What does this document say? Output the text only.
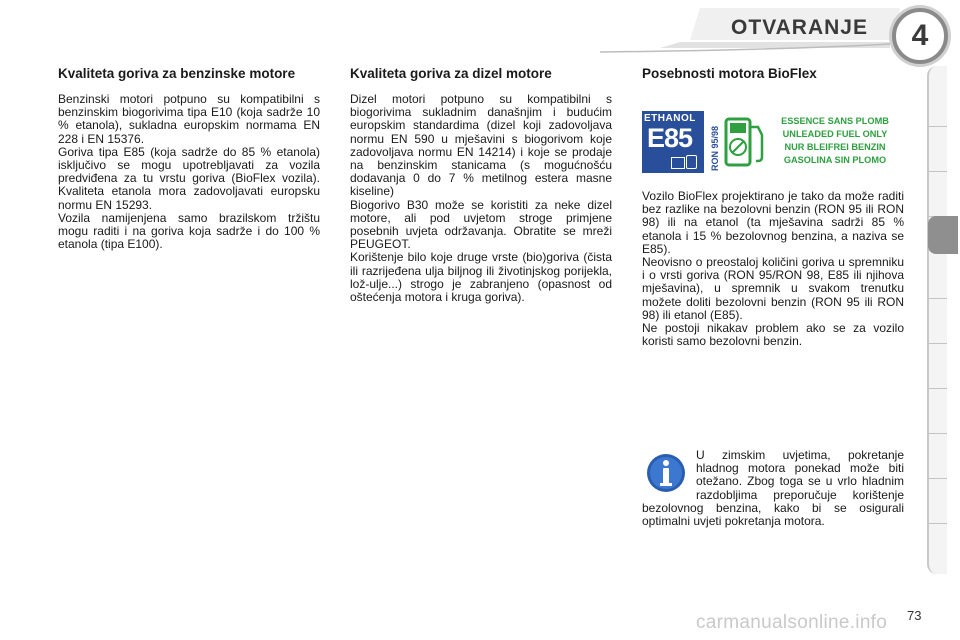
OTVARANJE	4
Kvaliteta goriva za benzinske motore

Benzinski motori potpuno su kompatibilni s benzinskim biogorivima tipa E10 (koja sadrže 10 % etanola), sukladna europskim normama EN 228 i EN 15376.

Goriva tipa E85 (koja sadrže do 85 % etanola) isključivo se mogu upotrebljavati za vozila predviđena za tu vrstu goriva (BioFlex vozila). Kvaliteta etanola mora zadovoljavati europsku normu EN 15293.

Vozila namijenjena samo brazilskom tržištu mogu raditi i na goriva koja sadrže i do 100 % etanola (tipa E100).

Kvaliteta goriva za dizel motore

Dizel motori potpuno su kompatibilni s biogorivima sukladnim današnjim i budućim europskim standardima (dizel koji zadovoljava normu EN 590 u mješavini s biogorivom koje zadovoljava normu EN 14214) i koje se prodaje na benzinskim stanicama (s mogućnošću dodavanja 0 do 7 % metilnog estera masne kiseline)

Biogorivo B30 može se koristiti za neke dizel motore, ali pod uvjetom stroge primjene posebnih uvjeta održavanja. Obratite se mreži PEUGEOT.

Korištenje bilo koje druge vrste (bio)goriva (čista ili razrijeđena ulja biljnog ili životinjskog porijekla, lož-ulje...) strogo je zabranjeno (opasnost od oštećenja motora i kruga goriva).

Posebnosti motora BioFlex
ETHANOL
E85 RON 95/98
ESSENCE SANS PLOMB
UNLEADED FUEL ONLY
NUR BLEIFREI BENZIN
GASOLINA SIN PLOMO

Vozilo BioFlex projektirano je tako da može raditi bez razlike na bezolovni benzin (RON 95 ili RON 98) ili na etanol (ta mješavina sadrži 85 % etanola i 15 % bezolovnog benzina, a naziva se E85).

Neovisno o preostaloj količini goriva u spremniku i o vrsti goriva (RON 95/RON 98, E85 ili njihova mješavina), u spremnik u svakom trenutku možete doliti bezolovni benzin (RON 95 ili RON 98) ili etanol (E85).

Ne postoji nikakav problem ako se za vozilo koristi samo bezolovni benzin.

U zimskim uvjetima, pokretanje hladnog motora ponekad može biti otežano. Zbog toga se u vrlo hladnim razdobljima preporučuje korištenje bezolovnog benzina, kako bi se osigurali optimalni uvjeti pokretanja motora.

carmanualsonline.info 73
